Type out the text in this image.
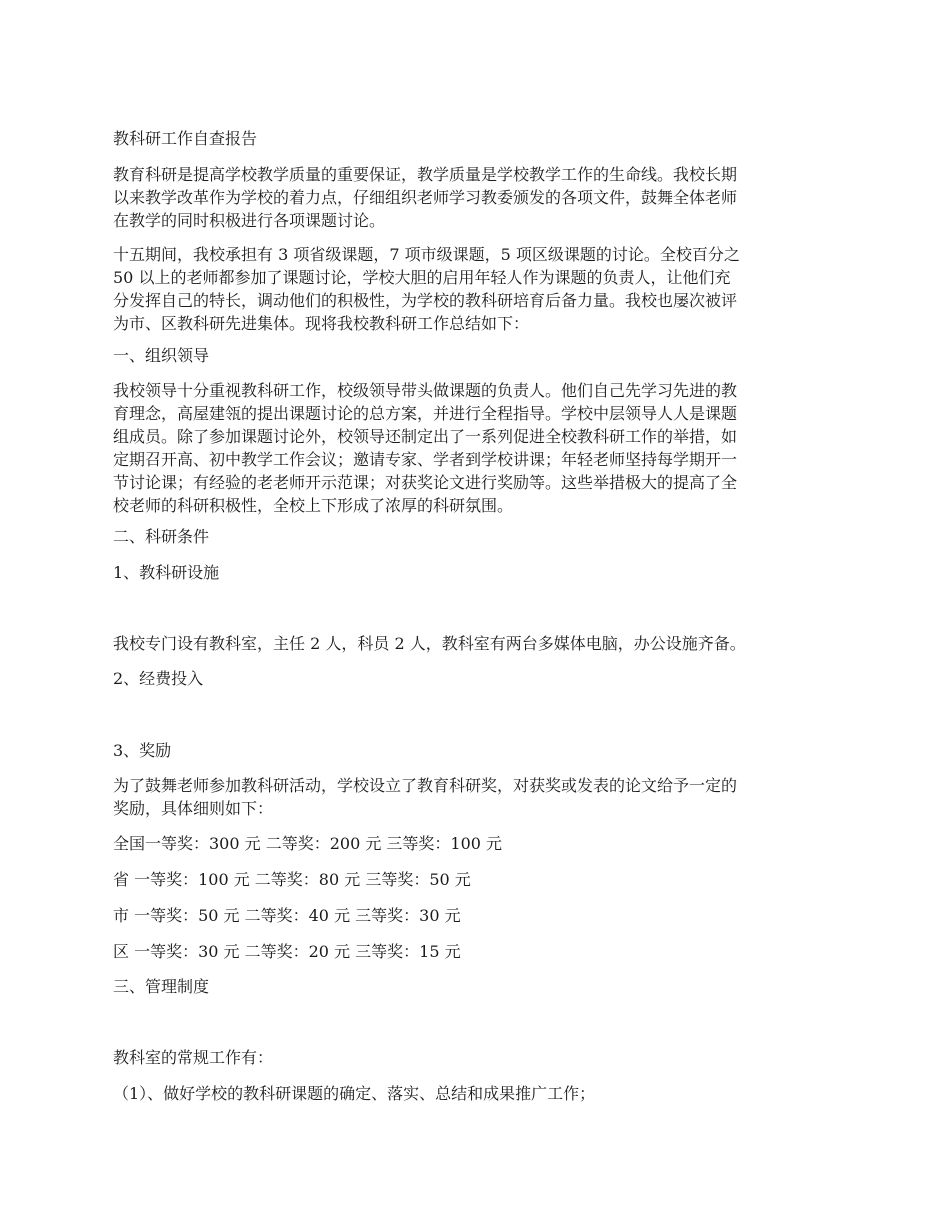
教科研工作自查报告

教育科研是提高学校教学质量的重要保证，教学质量是学校教学工作的生命线。我校长期
以来教学改革作为学校的着力点，仔细组织老师学习教委颁发的各项文件，鼓舞全体老师
在教学的同时积极进行各项课题讨论。

十五期间，我校承担有 3 项省级课题，7 项市级课题，5 项区级课题的讨论。全校百分之
50 以上的老师都参加了课题讨论，学校大胆的启用年轻人作为课题的负责人，让他们充
分发挥自己的特长，调动他们的积极性，为学校的教科研培育后备力量。我校也屡次被评
为市、区教科研先进集体。现将我校教科研工作总结如下：

一、组织领导

我校领导十分重视教科研工作，校级领导带头做课题的负责人。他们自己先学习先进的教
育理念，高屋建瓴的提出课题讨论的总方案，并进行全程指导。学校中层领导人人是课题
组成员。除了参加课题讨论外，校领导还制定出了一系列促进全校教科研工作的举措，如
定期召开高、初中教学工作会议；邀请专家、学者到学校讲课；年轻老师坚持每学期开一
节讨论课；有经验的老老师开示范课；对获奖论文进行奖励等。这些举措极大的提高了全
校老师的科研积极性，全校上下形成了浓厚的科研氛围。

二、科研条件

1、教科研设施

我校专门设有教科室，主任 2 人，科员 2 人，教科室有两台多媒体电脑，办公设施齐备。

2、经费投入

3、奖励

为了鼓舞老师参加教科研活动，学校设立了教育科研奖，对获奖或发表的论文给予一定的
奖励，具体细则如下：

全国一等奖：300 元 二等奖：200 元 三等奖：100 元

省 一等奖：100 元 二等奖：80 元 三等奖：50 元

市 一等奖：50 元 二等奖：40 元 三等奖：30 元

区 一等奖：30 元 二等奖：20 元 三等奖：15 元

三、管理制度

教科室的常规工作有：

（1）、做好学校的教科研课题的确定、落实、总结和成果推广工作；
